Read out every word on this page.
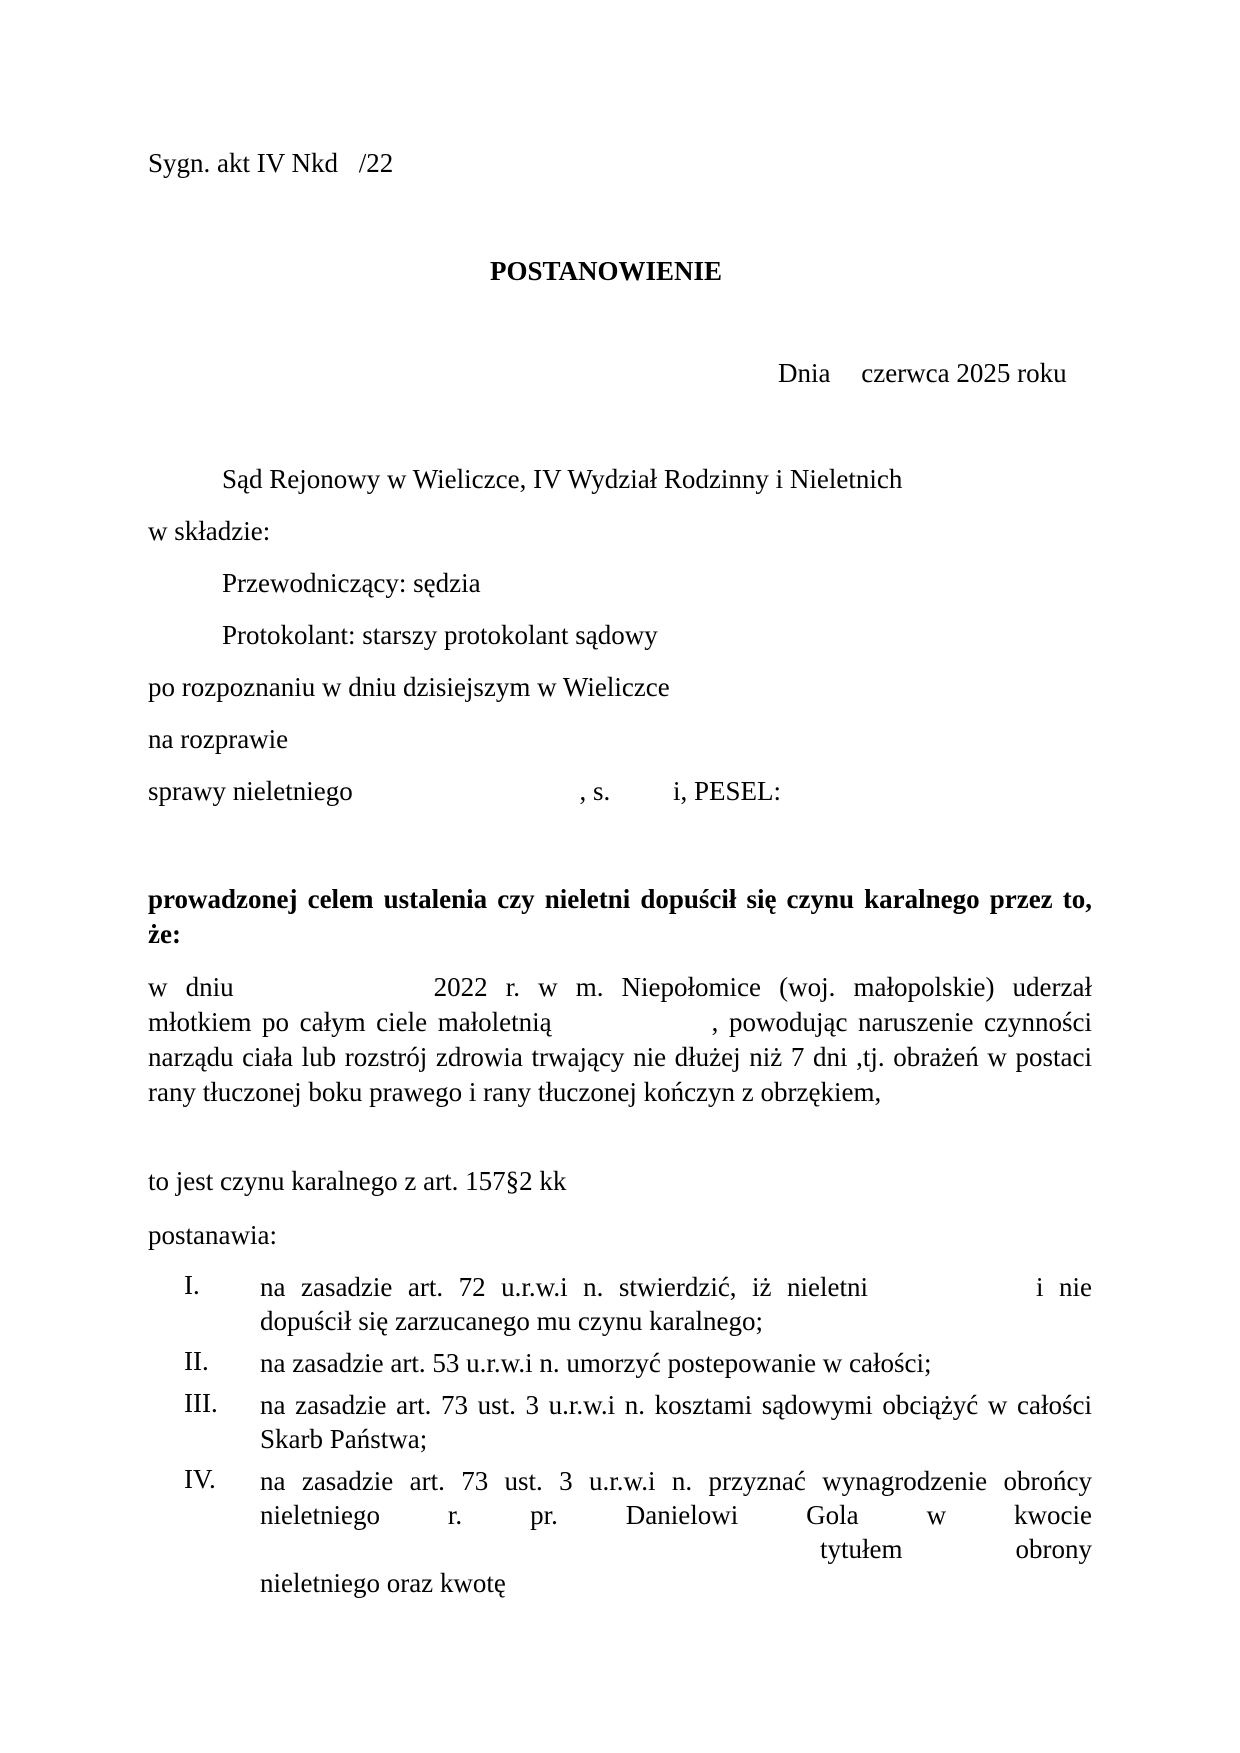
Sygn. akt IV Nkd /22
POSTANOWIENIE
Dnia czerwca 2025 roku
Sąd Rejonowy w Wieliczce, IV Wydział Rodzinny i Nieletnich
w składzie:
Przewodniczący: sędzia
Protokolant: starszy protokolant sądowy
po rozpoznaniu w dniu dzisiejszym w Wieliczce
na rozprawie
sprawy nieletniego	, s. i, PESEL:
prowadzonej celem ustalenia czy nieletni dopuścił się czynu karalnego przez to, że:
w dniu	2022 r. w m. Niepołomice (woj. małopolskie) uderzał młotkiem po całym ciele małoletnią	, powodując naruszenie czynności narządu ciała lub rozstrój zdrowia trwający nie dłużej niż 7 dni ,tj. obrażeń w postaci rany tłuczonej boku prawego i rany tłuczonej kończyn z obrzękiem,
to jest czynu karalnego z art. 157§2 kk
postanawia:
I. na zasadzie art. 72 u.r.w.i n. stwierdzić, iż nieletni	i nie dopuścił się zarzucanego mu czynu karalnego;
II. na zasadzie art. 53 u.r.w.i n. umorzyć postepowanie w całości;
III. na zasadzie art. 73 ust. 3 u.r.w.i n. kosztami sądowymi obciążyć w całości Skarb Państwa;
IV. na zasadzie art. 73 ust. 3 u.r.w.i n. przyznać wynagrodzenie obrońcy nieletniego r. pr. Danielowi Gola w kwocietytułem obrony nieletniego oraz kwotę
